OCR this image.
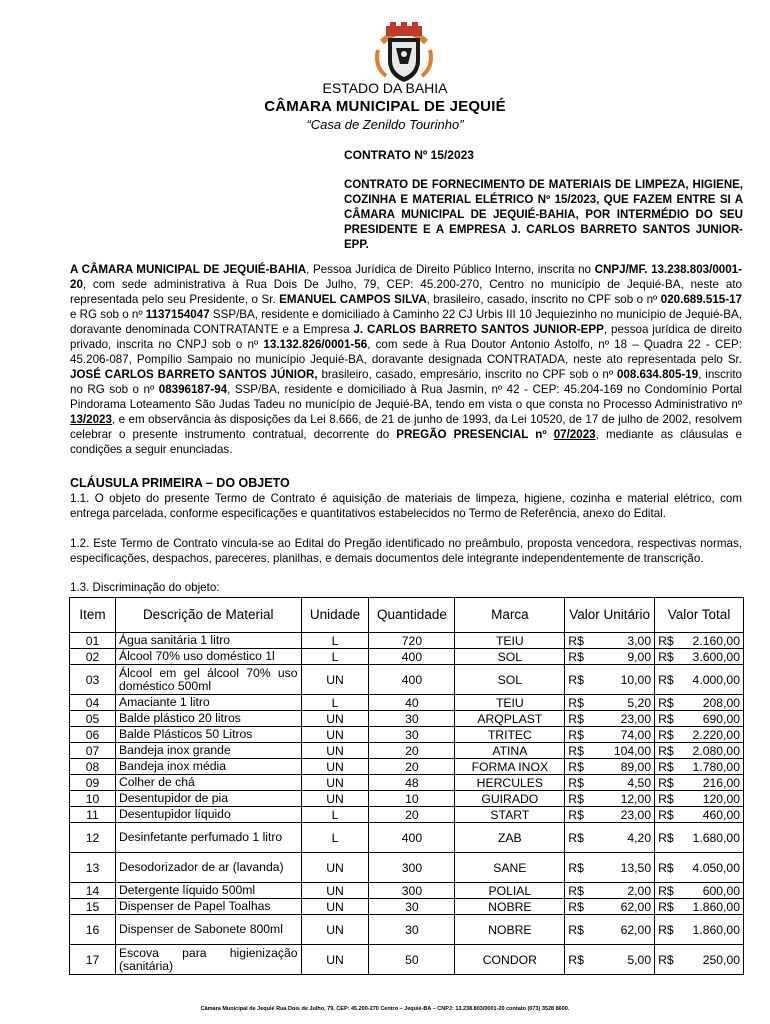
ESTADO DA BAHIA
CÂMARA MUNICIPAL DE JEQUIÉ
“Casa de Zenildo Tourinho”
CONTRATO Nº 15/2023
CONTRATO DE FORNECIMENTO DE MATERIAIS DE LIMPEZA, HIGIENE, COZINHA E MATERIAL ELÉTRICO Nº 15/2023, QUE FAZEM ENTRE SI A CÂMARA MUNICIPAL DE JEQUIÉ-BAHIA, POR INTERMÉDIO DO SEU PRESIDENTE E A EMPRESA J. CARLOS BARRETO SANTOS JUNIOR-EPP.
A CÂMARA MUNICIPAL DE JEQUIÉ-BAHIA, Pessoa Jurídica de Direito Público Interno, inscrita no CNPJ/MF. 13.238.803/0001-20, com sede administrativa à Rua Dois De Julho, 79, CEP: 45.200-270, Centro no município de Jequié-BA, neste ato representada pelo seu Presidente, o Sr. EMANUEL CAMPOS SILVA, brasileiro, casado, inscrito no CPF sob o nº 020.689.515-17 e RG sob o nº 1137154047 SSP/BA, residente e domiciliado à Caminho 22 CJ Urbis III 10 Jequiezinho no município de Jequié-BA, doravante denominada CONTRATANTE e a Empresa J. CARLOS BARRETO SANTOS JUNIOR-EPP, pessoa jurídica de direito privado, inscrita no CNPJ sob o nº 13.132.826/0001-56, com sede à Rua Doutor Antonio Astolfo, nº 18 – Quadra 22 - CEP: 45.206-087, Pompílio Sampaio no município Jequié-BA, doravante designada CONTRATADA, neste ato representada pelo Sr. JOSÉ CARLOS BARRETO SANTOS JÚNIOR, brasileiro, casado, empresário, inscrito no CPF sob o nº 008.634.805-19, inscrito no RG sob o nº 08396187-94, SSP/BA, residente e domiciliado à Rua Jasmin, nº 42 - CEP: 45.204-169 no Condomínio Portal Pindorama Loteamento São Judas Tadeu no município de Jequié-BA, tendo em vista o que consta no Processo Administrativo nº 13/2023, e em observância às disposições da Lei 8.666, de 21 de junho de 1993, da Lei 10520, de 17 de julho de 2002, resolvem celebrar o presente instrumento contratual, decorrente do PREGÃO PRESENCIAL nº 07/2023, mediante as cláusulas e condições a seguir enunciadas.
CLÁUSULA PRIMEIRA – DO OBJETO
1.1. O objeto do presente Termo de Contrato é aquisição de materiais de limpeza, higiene, cozinha e material elétrico, com entrega parcelada, conforme especificações e quantitativos estabelecidos no Termo de Referência, anexo do Edital.
1.2. Este Termo de Contrato vincula-se ao Edital do Pregão identificado no preâmbulo, proposta vencedora, respectivas normas, especificações, despachos, pareceres, planilhas, e demais documentos dele integrante independentemente de transcrição.
1.3. Discriminação do objeto:
Item	Descrição de Material	Unidade	Quantidade	Marca	Valor Unitário	Valor Total
01	Água sanitária 1 litro	L	720	TEIU	R$ 3,00	R$ 2.160,00

02	Álcool 70% uso doméstico 1l	L	400	SOL	R$ 9,00	R$ 3.600,00

03	Álcool em gel álcool 70% uso doméstico 500ml	UN	400	SOL	R$ 10,00	R$ 4.000,00

04	Amaciante 1 litro	L	40	TEIU	R$ 5,20	R$ 208,00

05	Balde plástico 20 litros	UN	30	ARQPLAST	R$ 23,00	R$ 690,00

06	Balde Plásticos 50 Litros	UN	30	TRITEC	R$ 74,00	R$ 2.220,00

07	Bandeja inox grande	UN	20	ATINA	R$ 104,00	R$ 2.080,00

08	Bandeja inox média	UN	20	FORMA INOX	R$ 89,00	R$ 1.780,00

09	Colher de chá	UN	48	HERCULES	R$ 4,50	R$ 216,00

10	Desentupidor de pia	UN	10	GUIRADO	R$ 12,00	R$ 120,00

11	Desentupidor líquido	L	20	START	R$ 23,00	R$ 460,00

12	Desinfetante perfumado 1 litro	L	400	ZAB	R$ 4,20	R$ 1.680,00

13	Desodorizador de ar (lavanda)	UN	300	SANE	R$ 13,50	R$ 4.050,00

14	Detergente líquido 500ml	UN	300	POLIAL	R$ 2,00	R$ 600,00

15	Dispenser de Papel Toalhas	UN	30	NOBRE	R$ 62,00	R$ 1.860,00

16	Dispenser de Sabonete 800ml	UN	30	NOBRE	R$ 62,00	R$ 1.860,00

17	Escova para higienização (sanitária)	UN	50	CONDOR	R$ 5,00	R$ 250,00
Câmara Municipal de Jequié Rua Dois de Julho, 79, CEP: 45.200-270 Centro – Jequié-BA – CNPJ: 13.238.803/0001-20 contato (073) 3528 8600.
